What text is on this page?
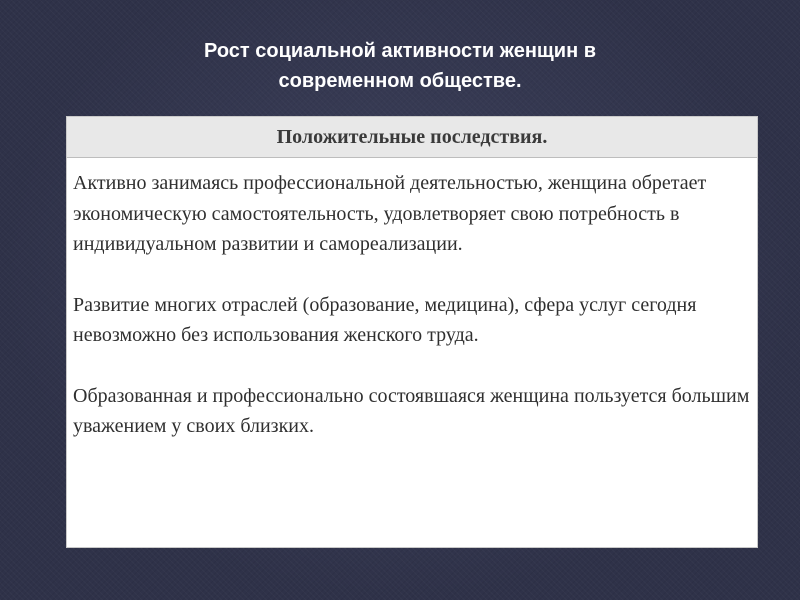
Рост социальной активности женщин в
современном обществе.
Положительные последствия.

Активно занимаясь профессиональной деятельностью, женщина обретает экономическую самостоятельность, удовлетворяет свою потребность в индивидуальном развитии и самореализации.

Развитие многих отраслей (образование, медицина), сфера услуг сегодня невозможно без использования женского труда.

Образованная и профессионально состоявшаяся женщина пользуется большим уважением у своих близких.
